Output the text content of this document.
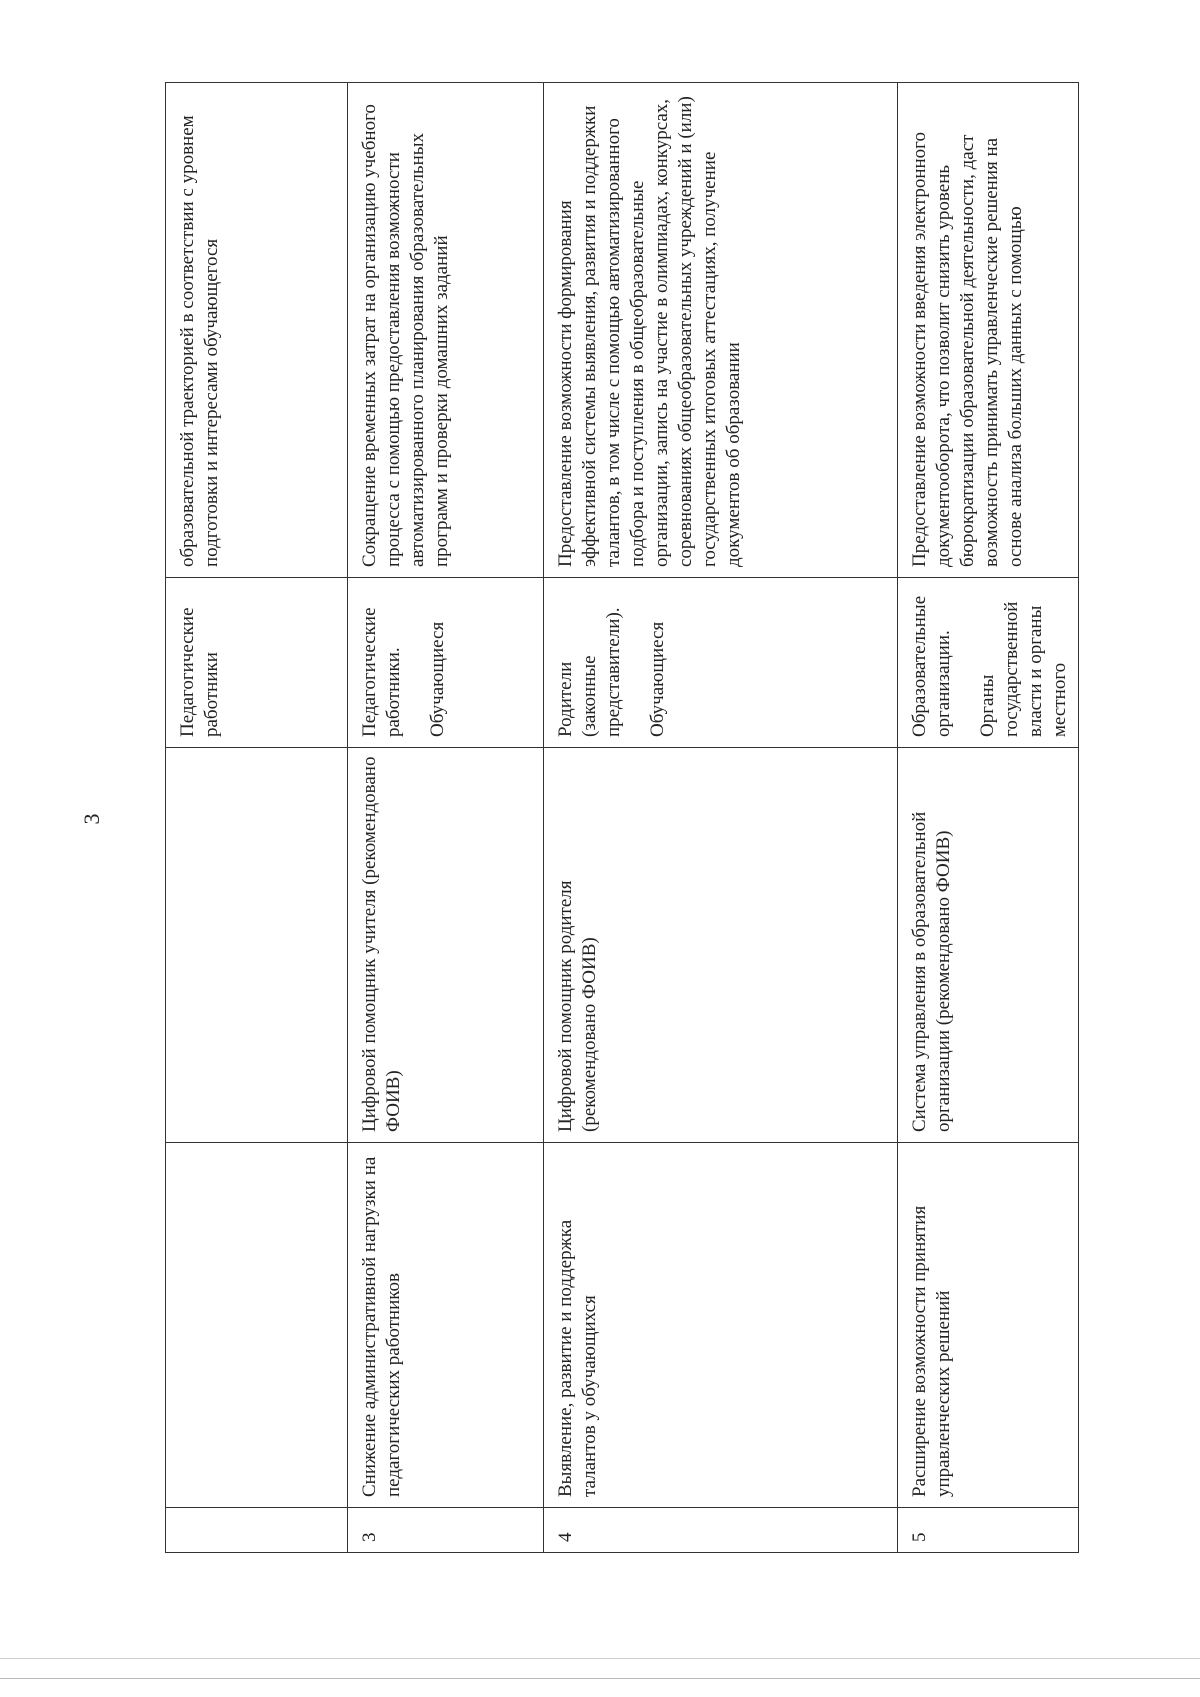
3

			Педагогические работники	образовательной траекторией в соответствии с уровнем подготовки и интересами обучающегося
3	Снижение административной нагрузки на педагогических работников	Цифровой помощник учителя (рекомендовано ФОИВ)	Педагогические работники. Обучающиеся	Сокращение временных затрат на организацию учебного процесса с помощью предоставления возможности автоматизированного планирования образовательных программ и проверки домашних заданий
4	Выявление, развитие и поддержка талантов у обучающихся	Цифровой помощник родителя (рекомендовано ФОИВ)	Родители (законные представители). Обучающиеся	Предоставление возможности формирования эффективной системы выявления, развития и поддержки талантов, в том числе с помощью автоматизированного подбора и поступления в общеобразовательные организации, запись на участие в олимпиадах, конкурсах, соревнованиях общеобразовательных учреждений и (или) государственных итоговых аттестациях, получение документов об образовании
5	Расширение возможности принятия управленческих решений	Система управления в образовательной организации (рекомендовано ФОИВ)	Образовательные организации. Органы государственной власти и органы местного	Предоставление возможности введения электронного документооборота, что позволит снизить уровень бюрократизации образовательной деятельности, даст возможность принимать управленческие решения на основе анализа больших данных с помощью
